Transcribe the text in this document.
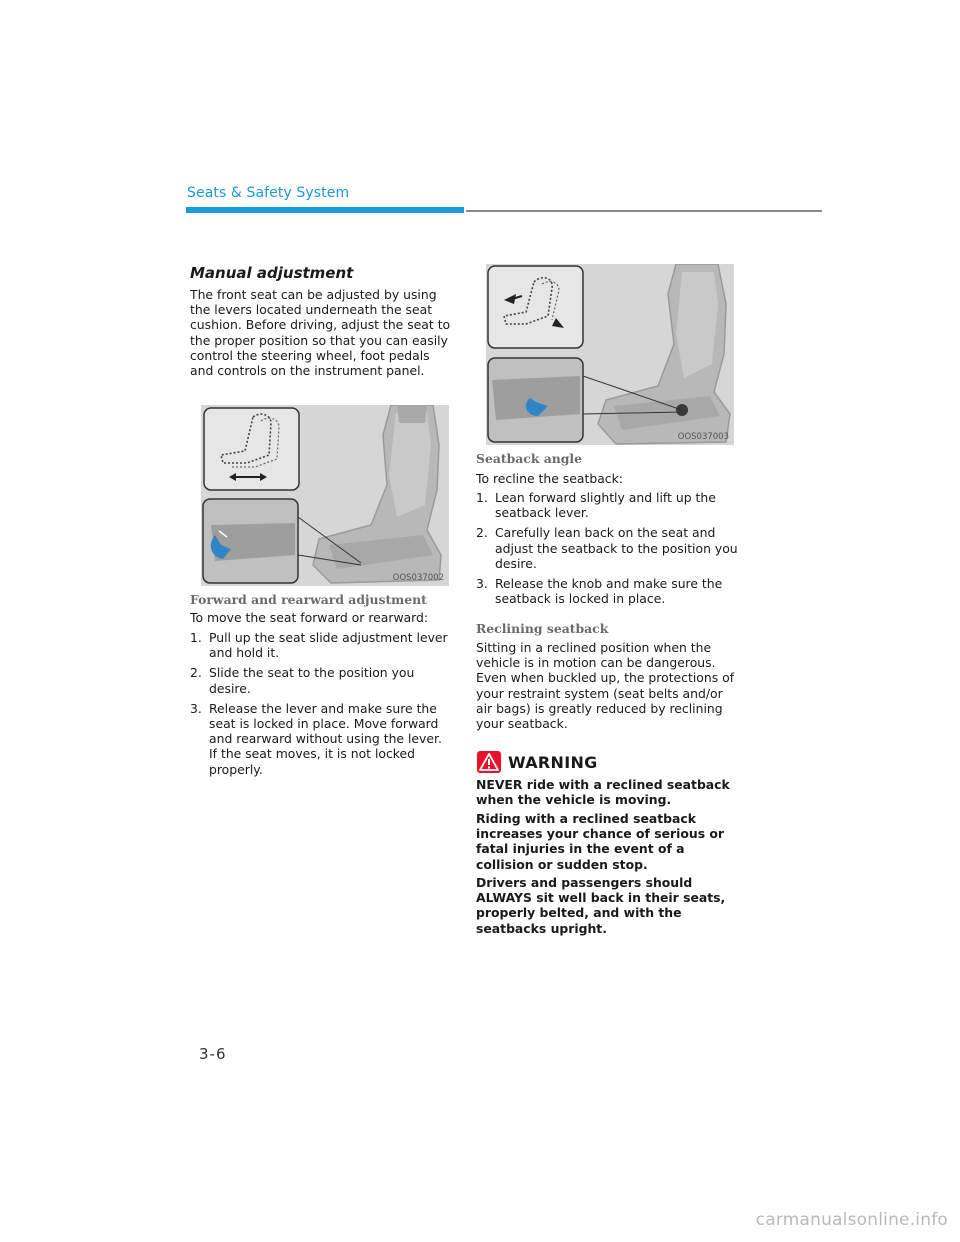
Seats & Safety System
Manual adjustment
The front seat can be adjusted by using the levers located underneath the seat cushion. Before driving, adjust the seat to the proper position so that you can easily control the steering wheel, foot pedals and controls on the instrument panel.
OOS037002
Forward and rearward adjustment
To move the seat forward or rearward:
1. Pull up the seat slide adjustment lever and hold it.
2. Slide the seat to the position you desire.
3. Release the lever and make sure the seat is locked in place. Move forward and rearward without using the lever. If the seat moves, it is not locked properly.
OOS037003
Seatback angle
To recline the seatback:
1. Lean forward slightly and lift up the seatback lever.
2. Carefully lean back on the seat and adjust the seatback to the position you desire.
3. Release the knob and make sure the seatback is locked in place.
Reclining seatback
Sitting in a reclined position when the vehicle is in motion can be dangerous. Even when buckled up, the protections of your restraint system (seat belts and/or air bags) is greatly reduced by reclining your seatback.
WARNING
NEVER ride with a reclined seatback when the vehicle is moving.
Riding with a reclined seatback increases your chance of serious or fatal injuries in the event of a collision or sudden stop.
Drivers and passengers should ALWAYS sit well back in their seats, properly belted, and with the seatbacks upright.
3-6
carmanualsonline.info
